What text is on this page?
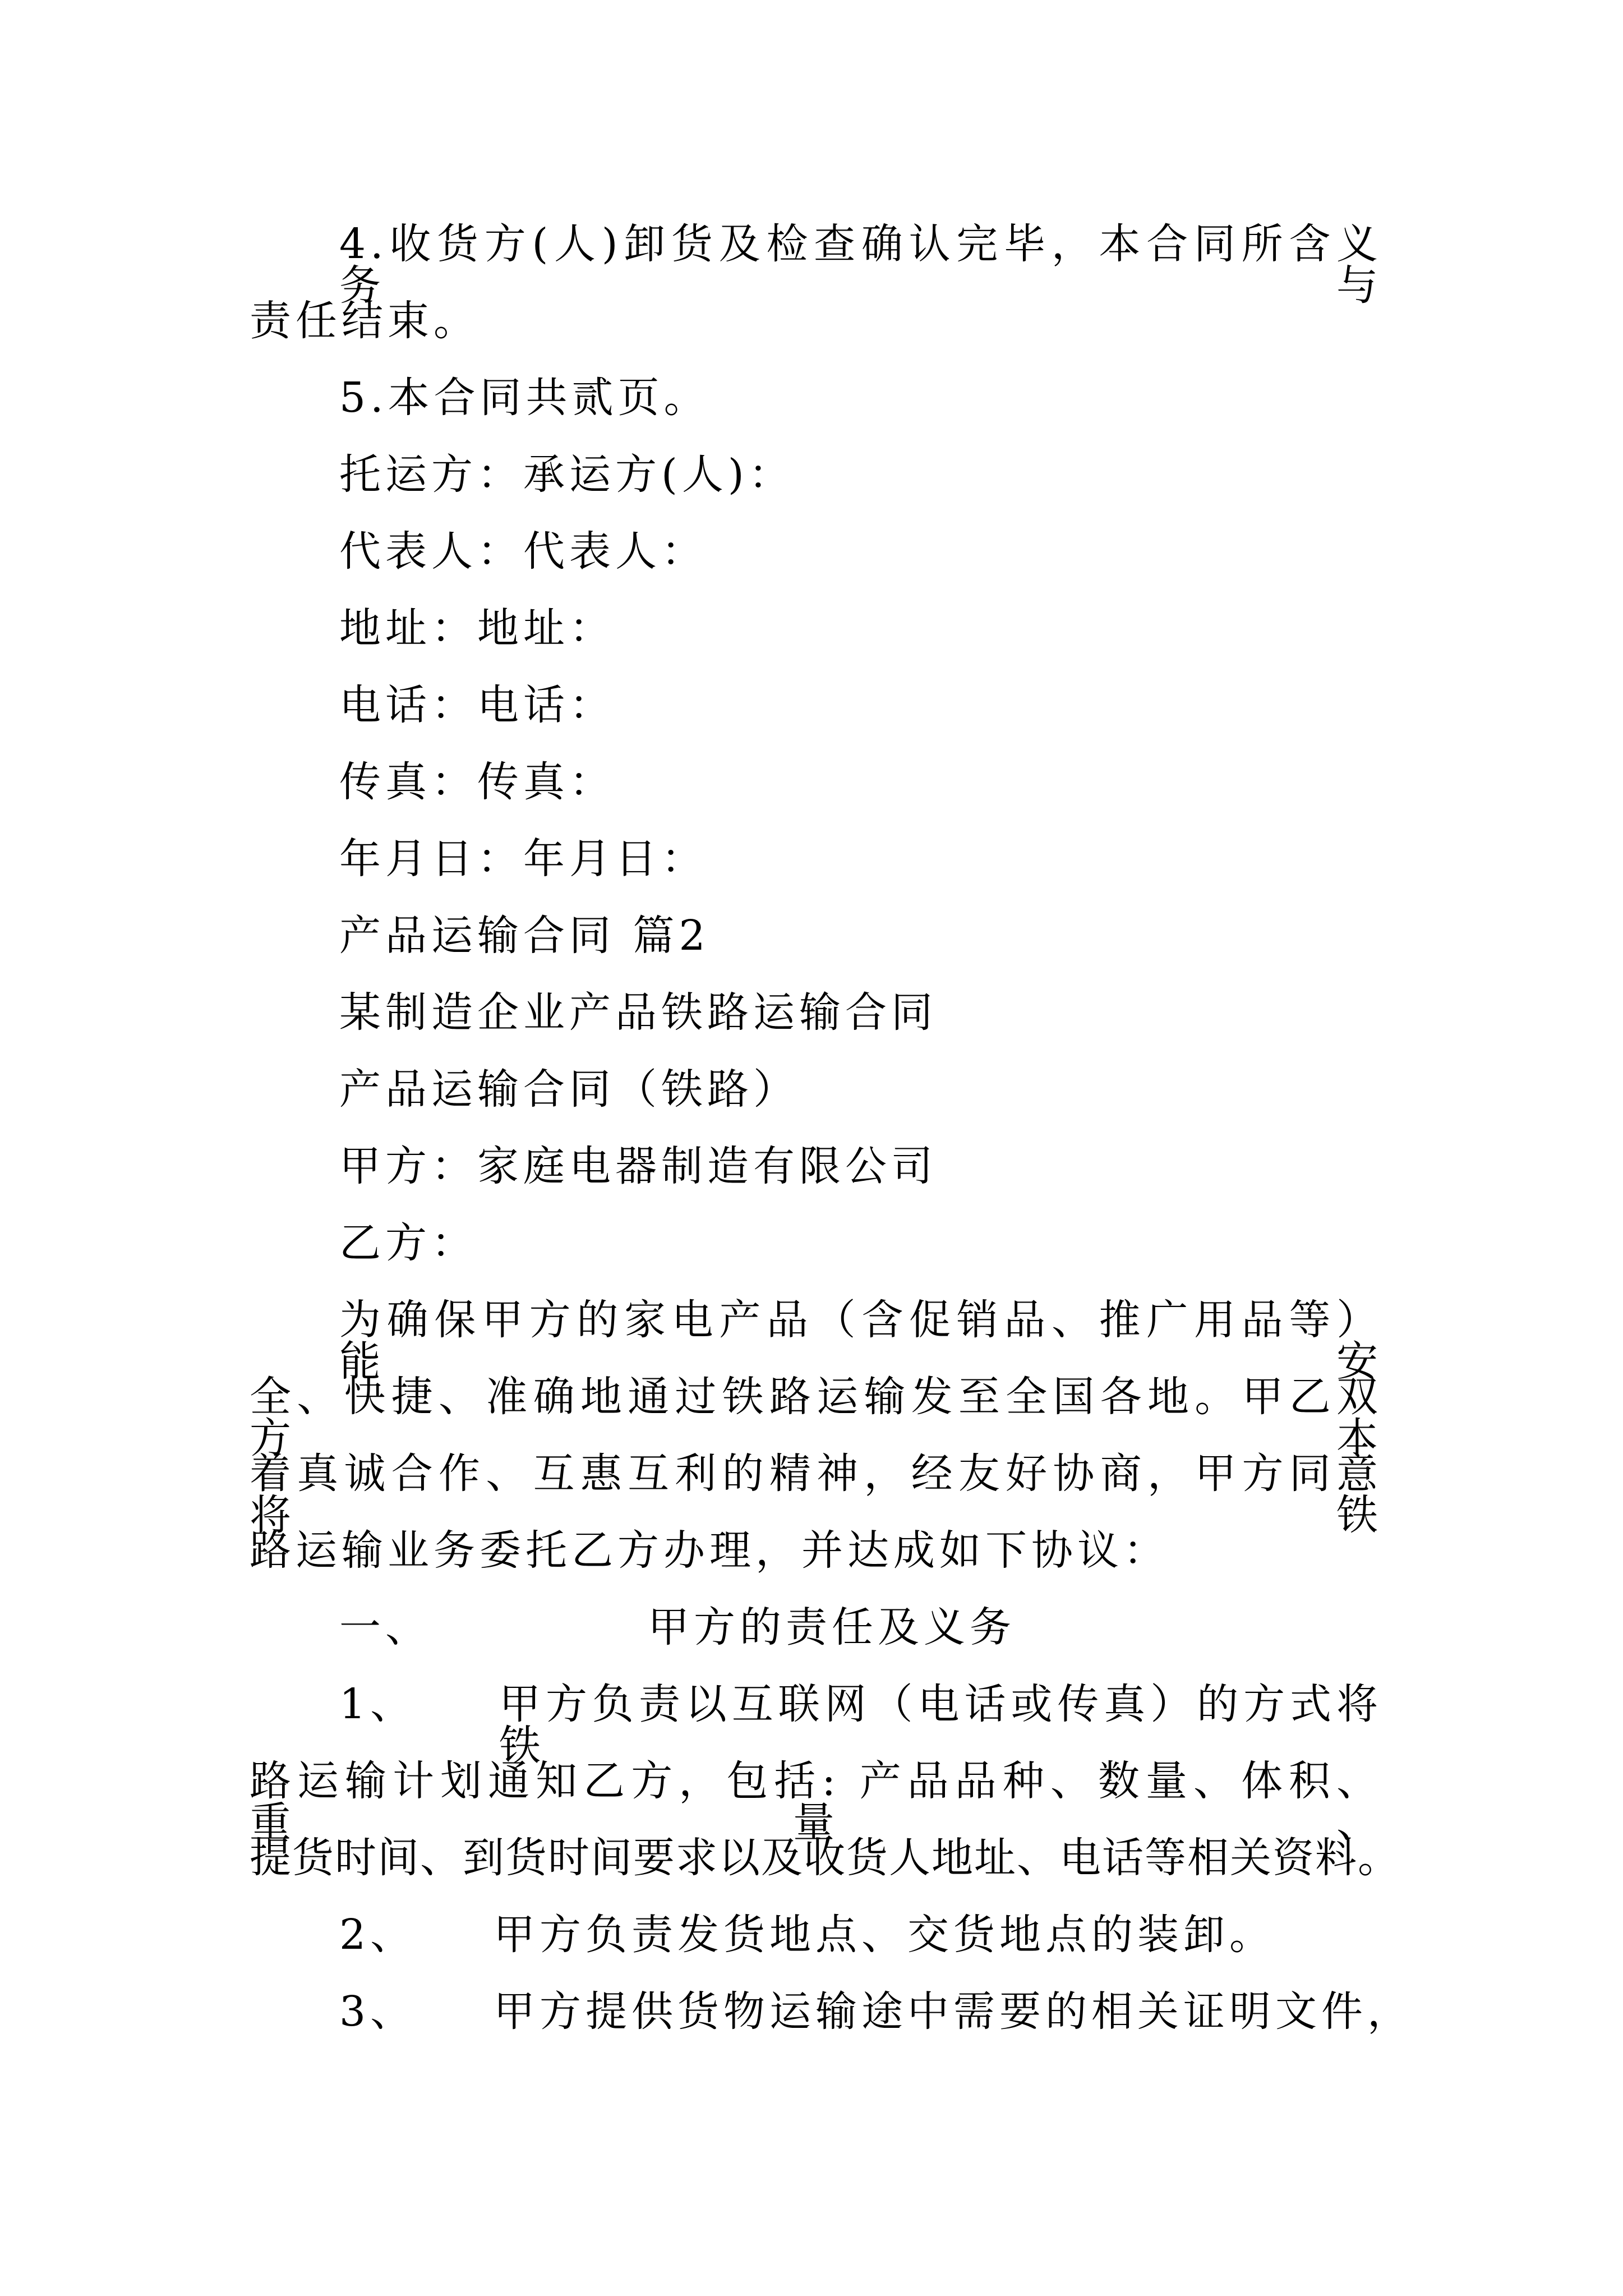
4.收货方(人)卸货及检查确认完毕，本合同所含义务与
责任结束。
5.本合同共贰页。
托运方：承运方(人)：
代表人：代表人：
地址：地址：
电话：电话：
传真：传真：
年月日：年月日：
产品运输合同 篇2
某制造企业产品铁路运输合同
产品运输合同（铁路）
甲方：家庭电器制造有限公司
乙方：
为确保甲方的家电产品（含促销品、推广用品等）能安
全、快捷、准确地通过铁路运输发至全国各地。甲乙双方本
着真诚合作、互惠互利的精神，经友好协商，甲方同意将铁
路运输业务委托乙方办理，并达成如下协议：
一、	甲方的责任及义务
1、 甲方负责以互联网（电话或传真）的方式将铁
路运输计划通知乙方，包括: 产品品种、数量、体积、重量、
提货时间、到货时间要求以及收货人地址、电话等相关资料。
2、 甲方负责发货地点、交货地点的装卸。
3、 甲方提供货物运输途中需要的相关证明文件，
